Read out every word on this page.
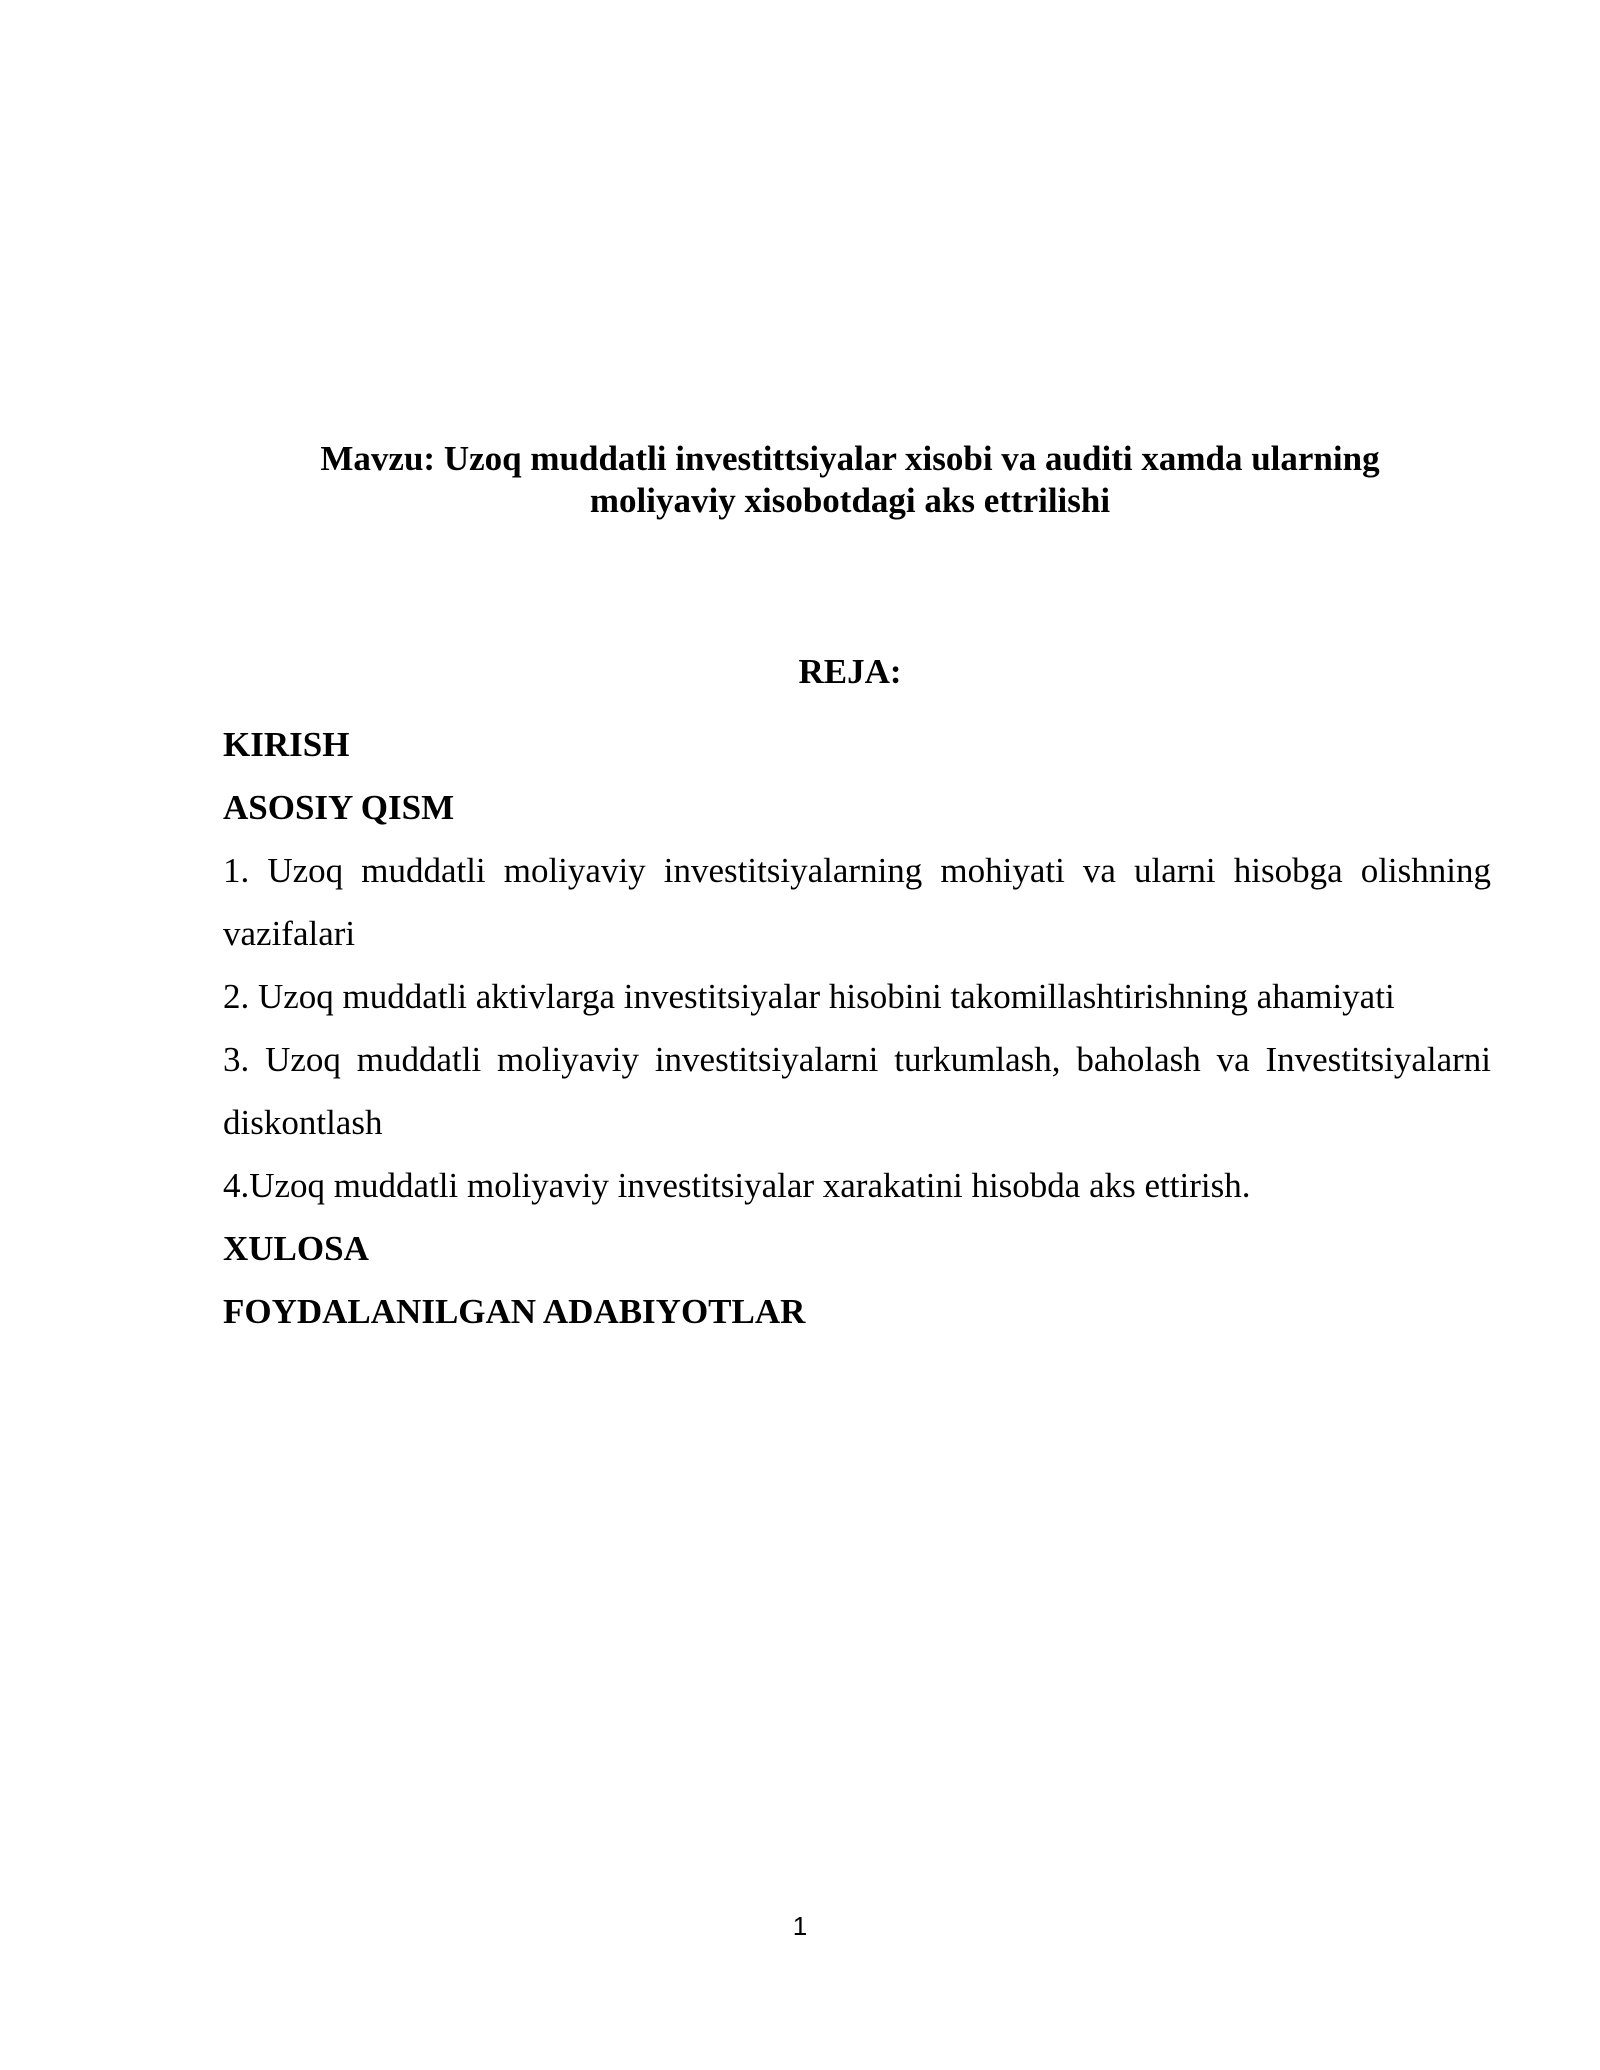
Mavzu: Uzoq muddatli investittsiyalar xisobi va auditi xamda ularning
moliyaviy xisobotdagi aks ettrilishi
REJA:
KIRISH
ASOSIY QISM
1. Uzoq muddatli moliyaviy investitsiyalarning mohiyati va ularni hisobga olishning vazifalari
2. Uzoq muddatli aktivlarga investitsiyalar hisobini takomillashtirishning ahamiyati
3. Uzoq muddatli moliyaviy investitsiyalarni turkumlash, baholash va Investitsiyalarni diskontlash
4.Uzoq muddatli moliyaviy investitsiyalar xarakatini hisobda aks ettirish.
XULOSA
FOYDALANILGAN ADABIYOTLAR
1
